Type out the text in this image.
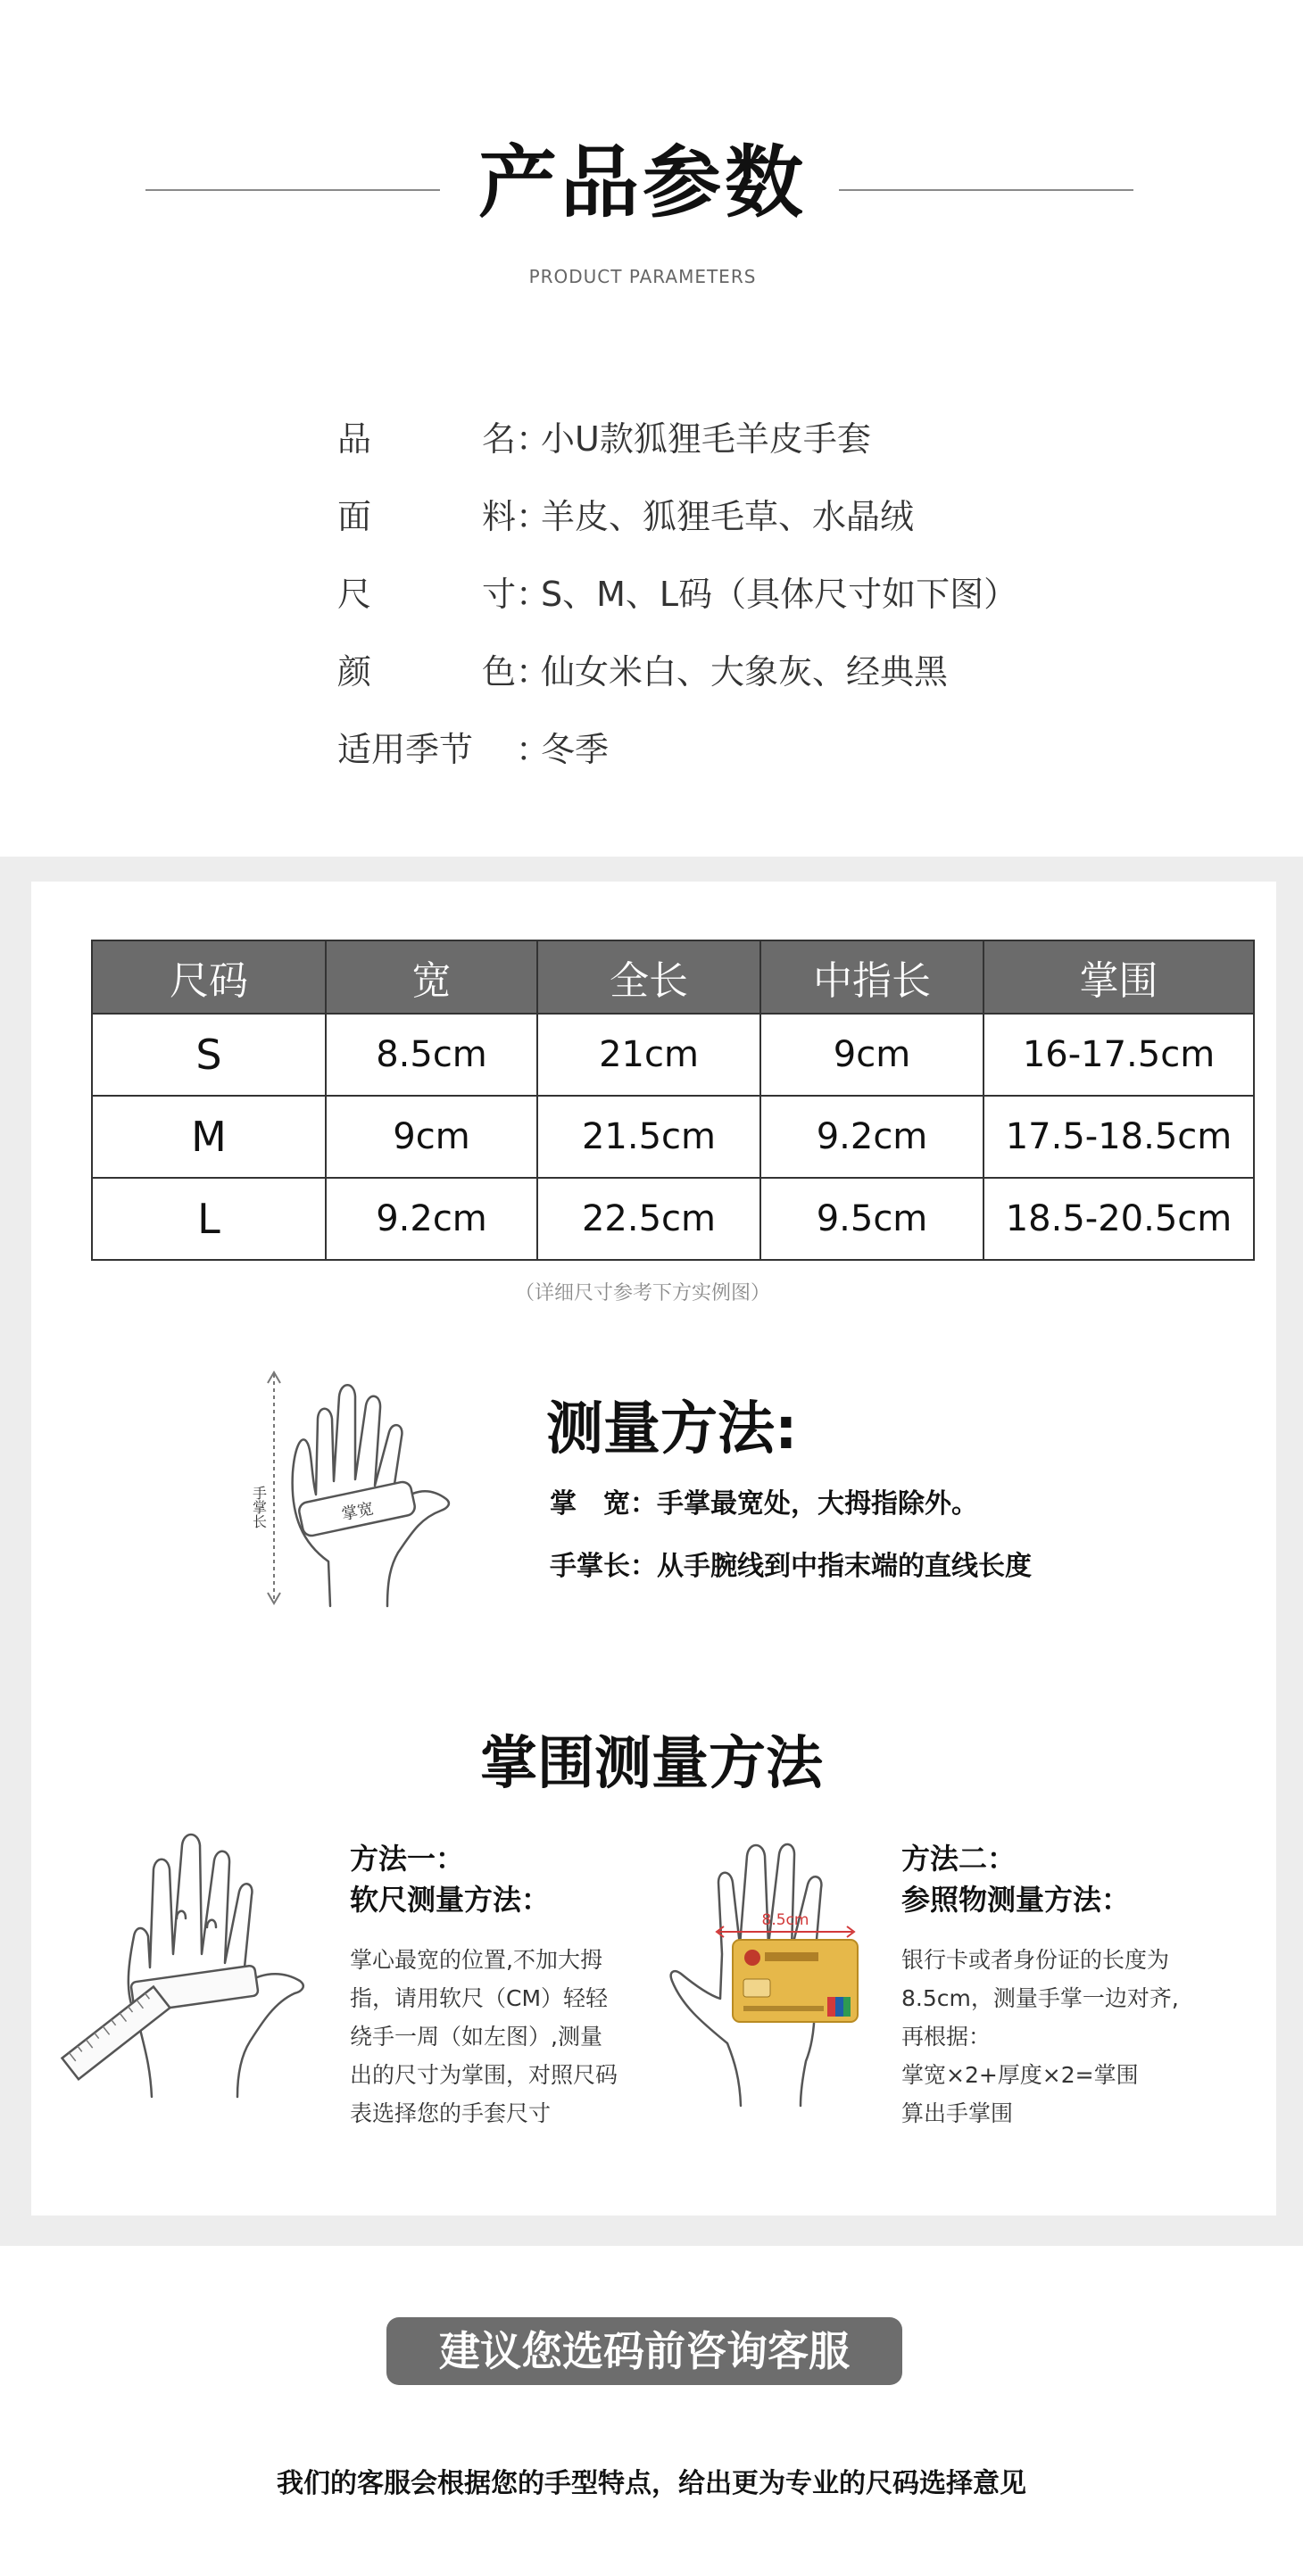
产品参数
PRODUCT PARAMETERS
品	名 ：
小U款狐狸毛羊皮手套
面	料 ：
羊皮、狐狸毛草、水晶绒
尺	寸 ：
S、M、L码（具体尺寸如下图）
颜	色 ：
仙女米白、大象灰、经典黑
适用季节 ：
冬季
尺码	宽	全长	中指长	掌围
S	8.5cm	21cm	9cm	16-17.5cm
M	9cm	21.5cm	9.2cm	17.5-18.5cm
L	9.2cm	22.5cm	9.5cm	18.5-20.5cm
（详细尺寸参考下方实例图）
掌宽
手掌长
测量方法:
掌　宽：手掌最宽处，大拇指除外。
手掌长：从手腕线到中指末端的直线长度
掌围测量方法
方法一：
软尺测量方法：
掌心最宽的位置,不加大拇
指，请用软尺（CM）轻轻
绕手一周（如左图）,测量
出的尺寸为掌围，对照尺码
表选择您的手套尺寸
8.5cm
方法二：
参照物测量方法：
银行卡或者身份证的长度为
8.5cm，测量手掌一边对齐,
再根据：
掌宽×2+厚度×2=掌围
算出手掌围
建议您选码前咨询客服
我们的客服会根据您的手型特点，给出更为专业的尺码选择意见
